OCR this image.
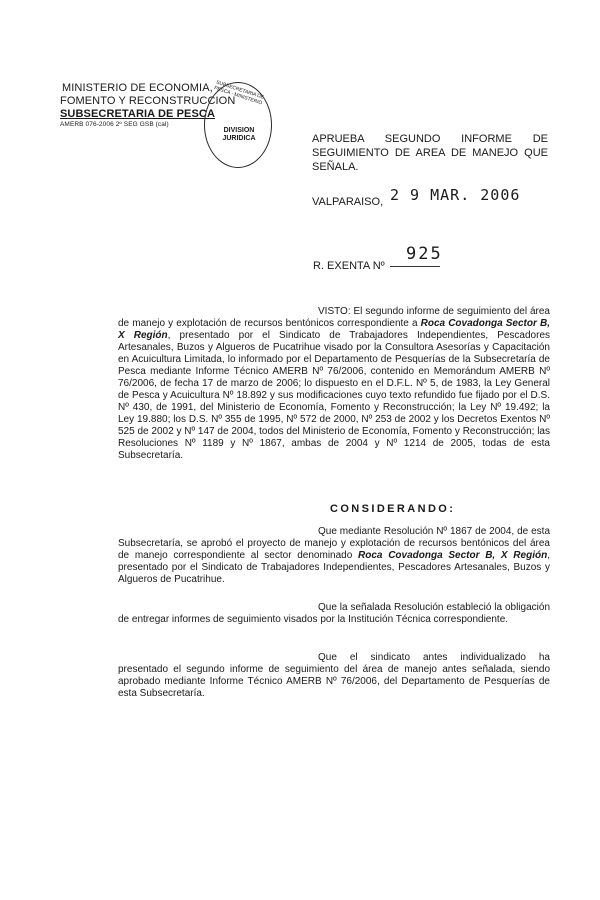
MINISTERIO DE ECONOMIA,
FOMENTO Y RECONSTRUCCION
SUBSECRETARIA DE PESCA
AMERB 076-2006 2º SEG GSB (cal)
SUBSECRETARIA DE PESCA · MINISTERIO
DIVISION
JURIDICA	APRUEBA SEGUNDO INFORME DE SEGUIMIENTO DE AREA DE MANEJO QUE SEÑALA.
VALPARAISO, 2 9 MAR. 2006
R. EXENTA Nº
925

VISTO: El segundo informe de seguimiento del área de manejo y explotación de recursos bentónicos correspondiente a Roca Covadonga Sector B, X Región, presentado por el Sindicato de Trabajadores Independientes, Pescadores Artesanales, Buzos y Algueros de Pucatrihue visado por la Consultora Asesorías y Capacitación en Acuicultura Limitada, lo informado por el Departamento de Pesquerías de la Subsecretaría de Pesca mediante Informe Técnico AMERB Nº 76/2006, contenido en Memorándum AMERB Nº 76/2006, de fecha 17 de marzo de 2006; lo dispuesto en el D.F.L. Nº 5, de 1983, la Ley General de Pesca y Acuicultura Nº 18.892 y sus modificaciones cuyo texto refundido fue fijado por el D.S. Nº 430, de 1991, del Ministerio de Economía, Fomento y Reconstrucción; la Ley Nº 19.492; la Ley 19.880; los D.S. Nº 355 de 1995, Nº 572 de 2000, Nº 253 de 2002 y los Decretos Exentos Nº 525 de 2002 y Nº 147 de 2004, todos del Ministerio de Economía, Fomento y Reconstrucción; las Resoluciones Nº 1189 y Nº 1867, ambas de 2004 y Nº 1214 de 2005, todas de esta Subsecretaría.

CONSIDERANDO:

Que mediante Resolución Nº 1867 de 2004, de esta Subsecretaría, se aprobó el proyecto de manejo y explotación de recursos bentónicos del área de manejo correspondiente al sector denominado Roca Covadonga Sector B, X Región, presentado por el Sindicato de Trabajadores Independientes, Pescadores Artesanales, Buzos y Algueros de Pucatrihue.

Que la señalada Resolución estableció la obligación de entregar informes de seguimiento visados por la Institución Técnica correspondiente.

Que el sindicato antes individualizado ha presentado el segundo informe de seguimiento del área de manejo antes señalada, siendo aprobado mediante Informe Técnico AMERB Nº 76/2006, del Departamento de Pesquerías de esta Subsecretaría.
